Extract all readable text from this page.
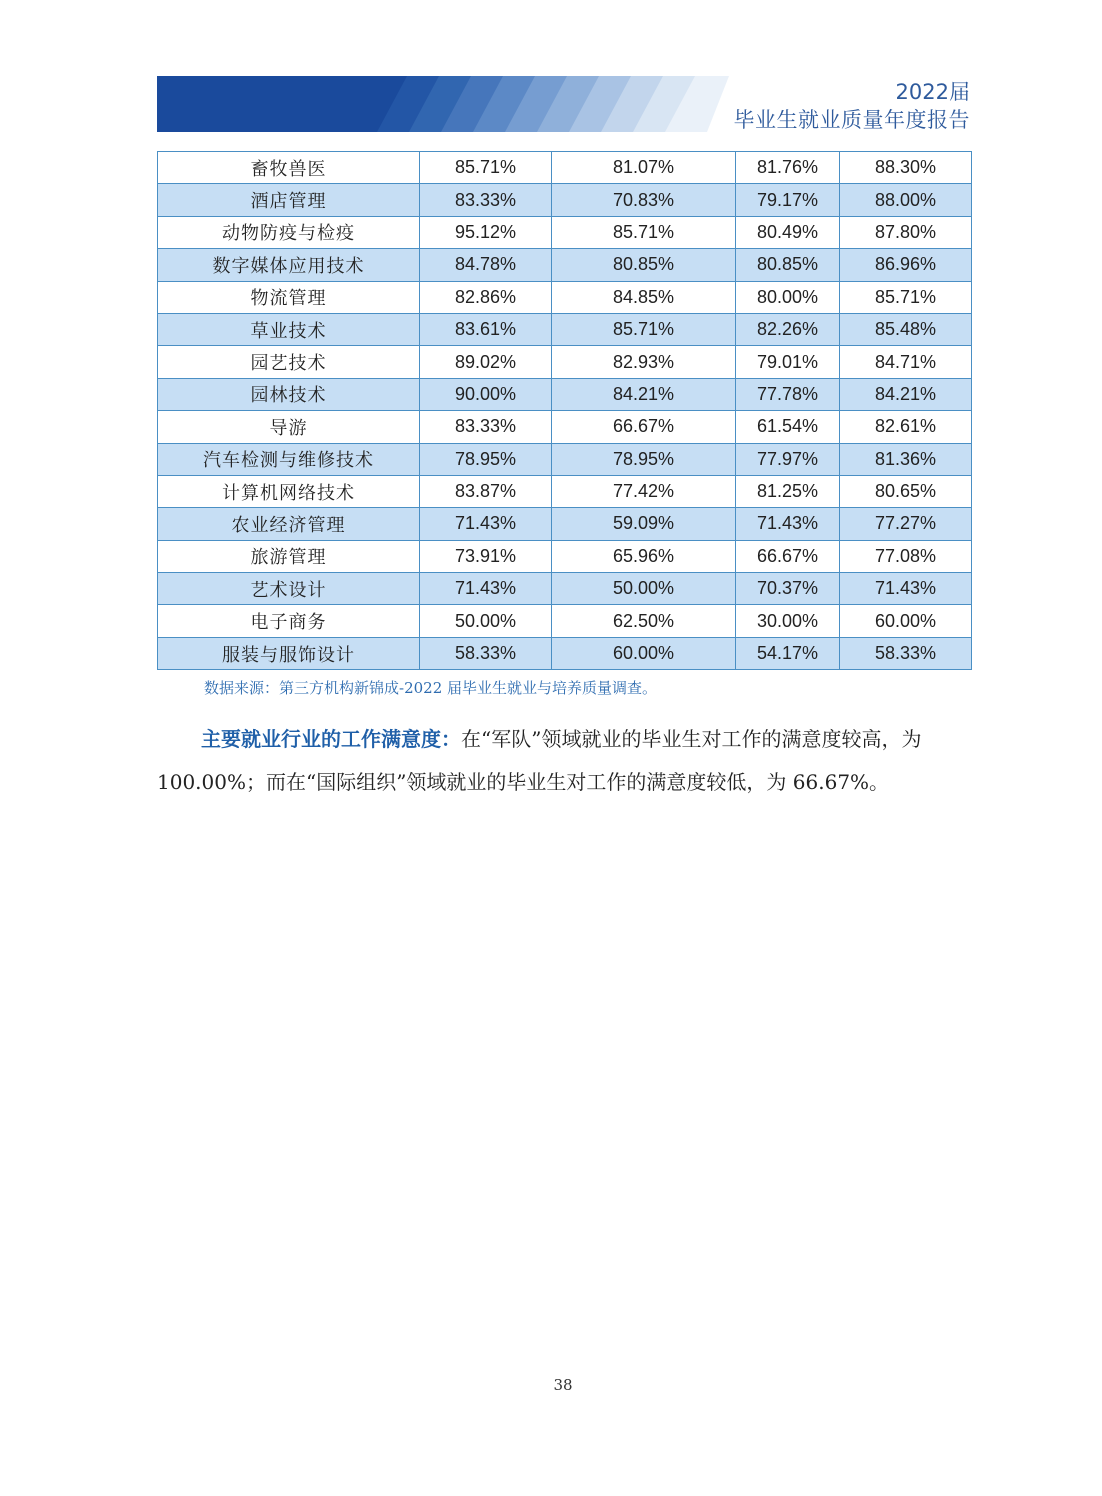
2022届
毕业生就业质量年度报告
畜牧兽医	85.71%	81.07%	81.76%	88.30%
酒店管理	83.33%	70.83%	79.17%	88.00%
动物防疫与检疫	95.12%	85.71%	80.49%	87.80%
数字媒体应用技术	84.78%	80.85%	80.85%	86.96%
物流管理	82.86%	84.85%	80.00%	85.71%
草业技术	83.61%	85.71%	82.26%	85.48%
园艺技术	89.02%	82.93%	79.01%	84.71%
园林技术	90.00%	84.21%	77.78%	84.21%
导游	83.33%	66.67%	61.54%	82.61%
汽车检测与维修技术	78.95%	78.95%	77.97%	81.36%
计算机网络技术	83.87%	77.42%	81.25%	80.65%
农业经济管理	71.43%	59.09%	71.43%	77.27%
旅游管理	73.91%	65.96%	66.67%	77.08%
艺术设计	71.43%	50.00%	70.37%	71.43%
电子商务	50.00%	62.50%	30.00%	60.00%
服装与服饰设计	58.33%	60.00%	54.17%	58.33%
数据来源：第三方机构新锦成-2022 届毕业生就业与培养质量调查。

主要就业行业的工作满意度：在“军队”领域就业的毕业生对工作的满意度较高，为 100.00%；而在“国际组织”领域就业的毕业生对工作的满意度较低，为 66.67%。

38
